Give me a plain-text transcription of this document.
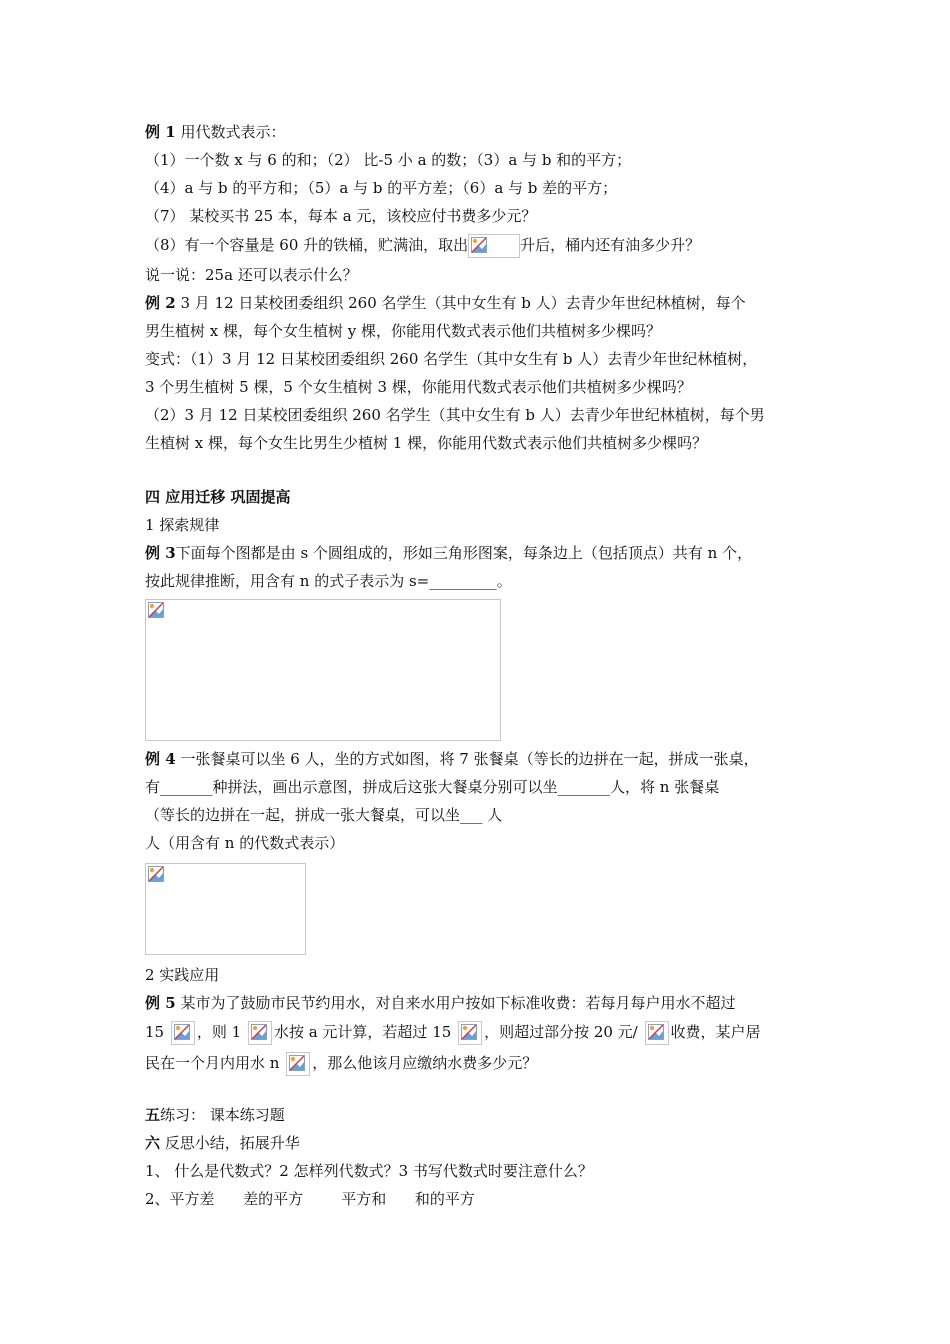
例 1 用代数式表示：
（1）一个数 x 与 6 的和；（2） 比-5 小 a 的数；（3）a 与 b 和的平方；
（4）a 与 b 的平方和；（5）a 与 b 的平方差；（6）a 与 b 差的平方；
（7） 某校买书 25 本，每本 a 元，该校应付书费多少元？
（8）有一个容量是 60 升的铁桶，贮满油，取出	升后，桶内还有油多少升？
说一说：25a 还可以表示什么？
例 2 3 月 12 日某校团委组织 260 名学生（其中女生有 b 人）去青少年世纪林植树，每个
男生植树 x 棵，每个女生植树 y 棵，你能用代数式表示他们共植树多少棵吗？
变式：（1）3 月 12 日某校团委组织 260 名学生（其中女生有 b 人）去青少年世纪林植树，
3 个男生植树 5 棵，5 个女生植树 3 棵，你能用代数式表示他们共植树多少棵吗？
（2）3 月 12 日某校团委组织 260 名学生（其中女生有 b 人）去青少年世纪林植树，每个男
生植树 x 棵，每个女生比男生少植树 1 棵，你能用代数式表示他们共植树多少棵吗？
四 应用迁移 巩固提高
1 探索规律
例 3下面每个图都是由 s 个圆组成的，形如三角形图案，每条边上（包括顶点）共有 n 个，
按此规律推断，用含有 n 的式子表示为 s=_________。
例 4 一张餐桌可以坐 6 人，坐的方式如图，将 7 张餐桌（等长的边拼在一起，拼成一张桌，
有_______种拼法，画出示意图，拼成后这张大餐桌分别可以坐_______人，将 n 张餐桌
（等长的边拼在一起，拼成一张大餐桌，可以坐___ 人
人（用含有 n 的代数式表示）
2 实践应用
例 5 某市为了鼓励市民节约用水，对自来水用户按如下标准收费：若每月每户用水不超过
15
，则 1
水按 a 元计算，若超过 15
，则超过部分按 20 元/
收费，某户居
民在一个月内用水 n
，那么他该月应缴纳水费多少元？
五练习： 课本练习题
六 反思小结，拓展升华
1、 什么是代数式？2 怎样列代数式？3 书写代数式时要注意什么？
2、平方差      差的平方        平方和      和的平方
